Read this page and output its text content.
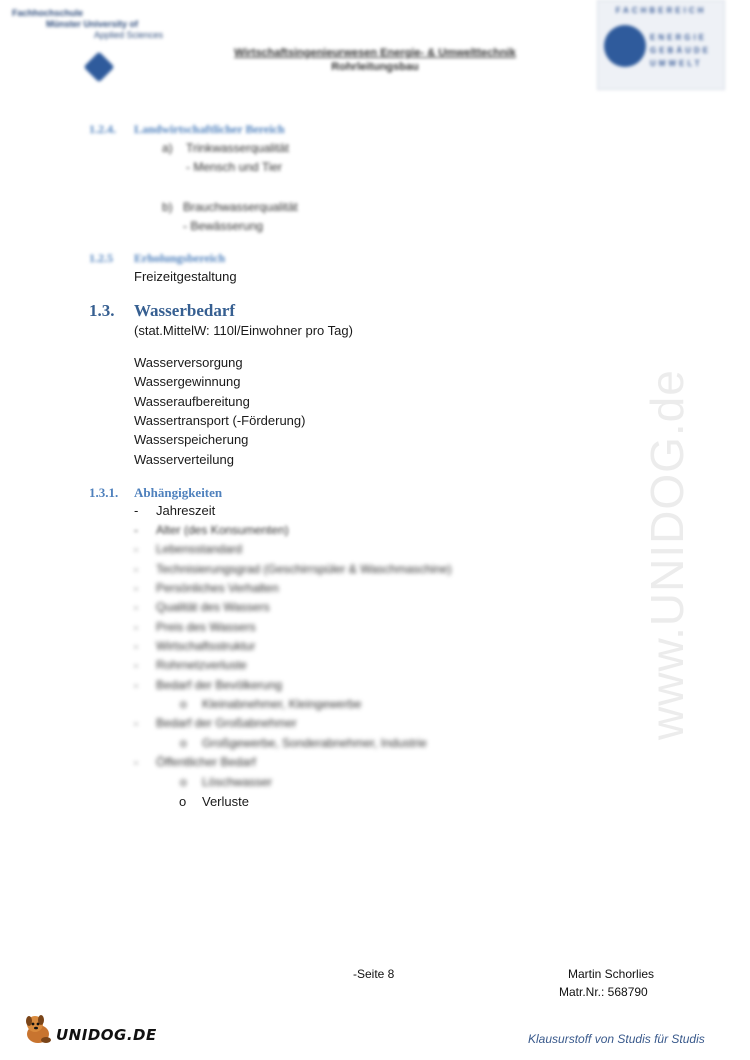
Fachhochschule
Münster University of
Applied Sciences
Wirtschaftsingenieurwesen Energie- & Umwelttechnik
Rohrleitungsbau
FACHBEREICH
ENERGIE
GEBÄUDE
UMWELT
www.UNIDOG.de
1.2.4. Landwirtschaftlicher Bereich
a) Trinkwasserqualität
- Mensch und Tier
b) Brauchwasserqualität
- Bewässerung
1.2.5 Erholungsbereich
Freizeitgestaltung
1.3. Wasserbedarf
(stat.MittelW: 110l/Einwohner pro Tag)
Wasserversorgung
Wassergewinnung
Wasseraufbereitung
Wassertransport (-Förderung)
Wasserspeicherung
Wasserverteilung
1.3.1. Abhängigkeiten
- Jahreszeit
- Alter (des Konsumenten)
- Lebensstandard
- Technisierungsgrad (Geschirrspüler & Waschmaschine)
- Persönliches Verhalten
- Qualität des Wassers
- Preis des Wassers
- Wirtschaftsstruktur
- Rohrnetzverluste
- Bedarf der Bevölkerung
o Kleinabnehmer, Kleingewerbe
- Bedarf der Großabnehmer
o Großgewerbe, Sonderabnehmer, Industrie
- Öffentlicher Bedarf
o Löschwasser
o Verluste
-Seite 8	Martin Schorlies
Matr.Nr.: 568790
UNIDOG.DE	Klausurstoff von Studis für Studis
